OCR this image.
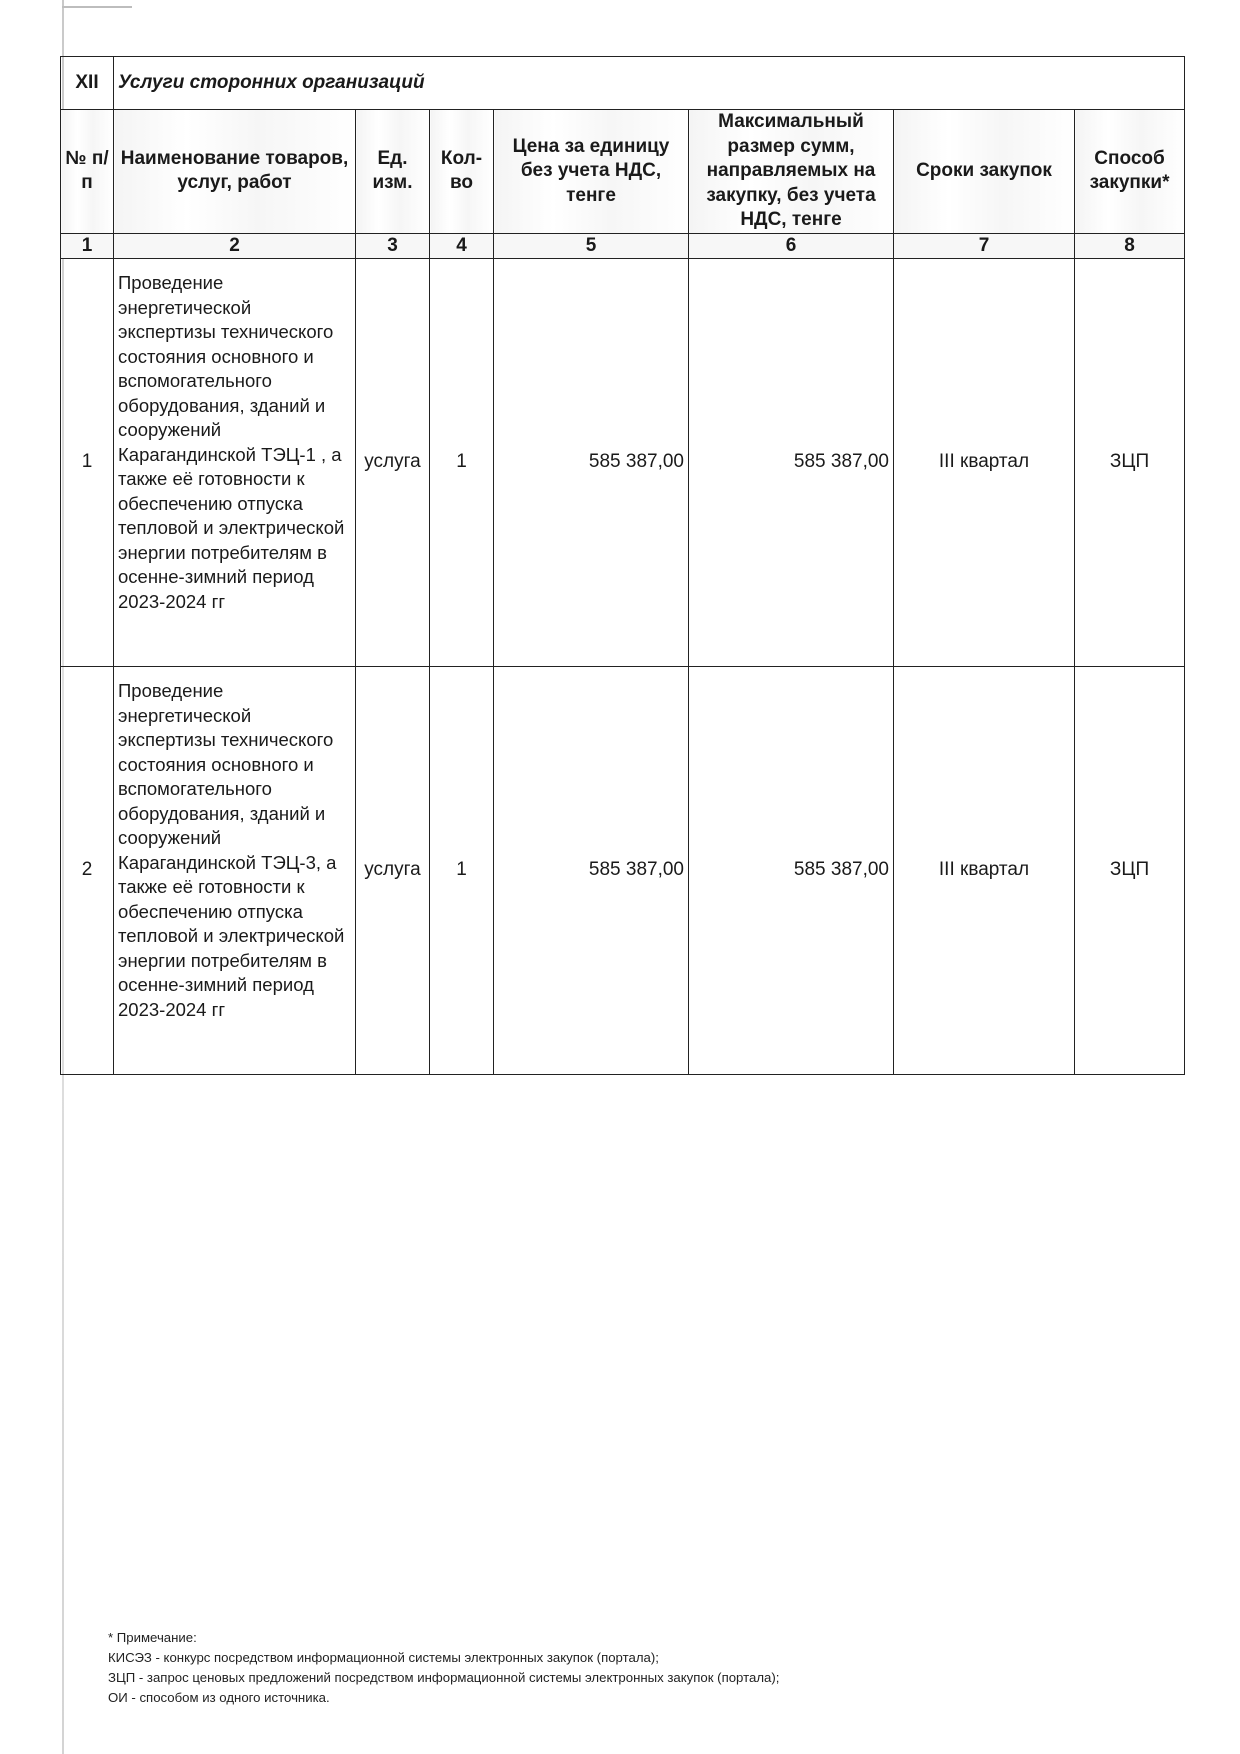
XII	Услуги сторонних организаций						
№ п/п	Наименование товаров, услуг, работ	Ед. изм.	Кол-во	Цена за единицу без учета НДС, тенге	Максимальный размер сумм, направляемых на закупку, без учета НДС, тенге	Сроки закупок	Способ закупки*
1	2	3	4	5	6	7	8
1	Проведение энергетической экспертизы технического состояния основного и вспомогательного оборудования, зданий и сооружений Карагандинской ТЭЦ-1 , а также её готовности к обеспечению отпуска тепловой и электрической энергии потребителям в осенне-зимний период 2023-2024 гг	услуга	1	585 387,00	585 387,00	III квартал	ЗЦП
2	Проведение энергетической экспертизы технического состояния основного и вспомогательного оборудования, зданий и сооружений Карагандинской ТЭЦ-3, а также её готовности к обеспечению отпуска тепловой и электрической энергии потребителям в осенне-зимний период 2023-2024 гг	услуга	1	585 387,00	585 387,00	III квартал	ЗЦП
* Примечание:
КИСЭЗ - конкурс посредством информационной системы электронных закупок (портала);
ЗЦП - запрос ценовых предложений посредством информационной системы электронных закупок (портала);
ОИ - способом из одного источника.
